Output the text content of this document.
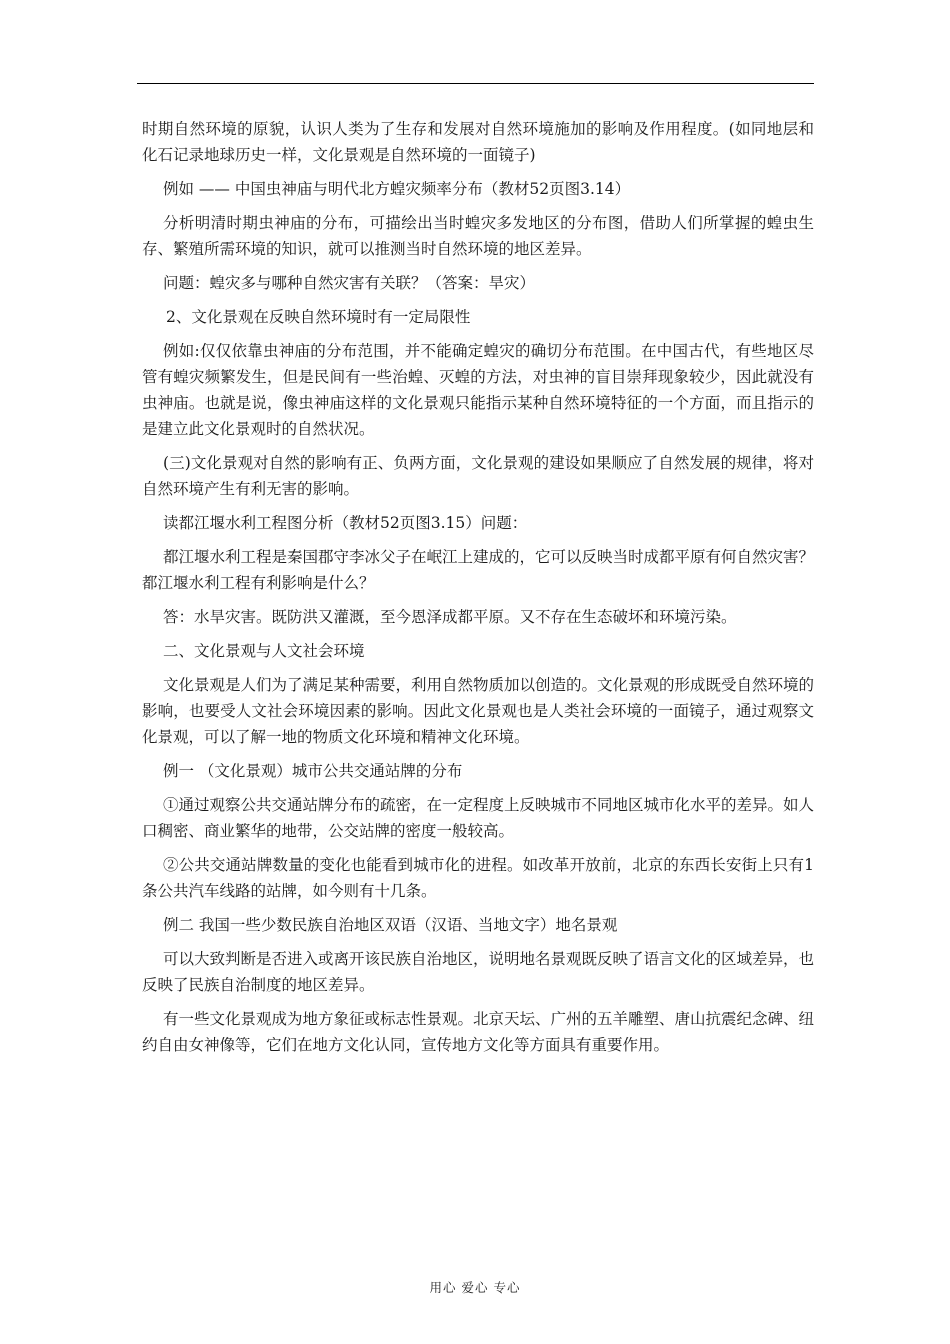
时期自然环境的原貌，认识人类为了生存和发展对自然环境施加的影响及作用程度。(如同地层和化石记录地球历史一样，文化景观是自然环境的一面镜子)

例如 —— 中国虫神庙与明代北方蝗灾频率分布（教材52页图3.14）

分析明清时期虫神庙的分布，可描绘出当时蝗灾多发地区的分布图，借助人们所掌握的蝗虫生存、繁殖所需环境的知识，就可以推测当时自然环境的地区差异。

问题：蝗灾多与哪种自然灾害有关联？（答案：旱灾）

2、文化景观在反映自然环境时有一定局限性

例如:仅仅依靠虫神庙的分布范围，并不能确定蝗灾的确切分布范围。在中国古代，有些地区尽管有蝗灾频繁发生，但是民间有一些治蝗、灭蝗的方法，对虫神的盲目崇拜现象较少，因此就没有虫神庙。也就是说，像虫神庙这样的文化景观只能指示某种自然环境特征的一个方面，而且指示的是建立此文化景观时的自然状况。

(三)文化景观对自然的影响有正、负两方面，文化景观的建设如果顺应了自然发展的规律，将对自然环境产生有利无害的影响。

读都江堰水利工程图分析（教材52页图3.15）问题：

都江堰水利工程是秦国郡守李冰父子在岷江上建成的，它可以反映当时成都平原有何自然灾害？都江堰水利工程有利影响是什么？

答：水旱灾害。既防洪又灌溉，至今恩泽成都平原。又不存在生态破坏和环境污染。

二、文化景观与人文社会环境

文化景观是人们为了满足某种需要，利用自然物质加以创造的。文化景观的形成既受自然环境的影响，也要受人文社会环境因素的影响。因此文化景观也是人类社会环境的一面镜子，通过观察文化景观，可以了解一地的物质文化环境和精神文化环境。

例一 （文化景观）城市公共交通站牌的分布

①通过观察公共交通站牌分布的疏密，在一定程度上反映城市不同地区城市化水平的差异。如人口稠密、商业繁华的地带，公交站牌的密度一般较高。

②公共交通站牌数量的变化也能看到城市化的进程。如改革开放前，北京的东西长安街上只有1条公共汽车线路的站牌，如今则有十几条。

例二 我国一些少数民族自治地区双语（汉语、当地文字）地名景观

可以大致判断是否进入或离开该民族自治地区，说明地名景观既反映了语言文化的区域差异，也反映了民族自治制度的地区差异。

有一些文化景观成为地方象征或标志性景观。北京天坛、广州的五羊雕塑、唐山抗震纪念碑、纽约自由女神像等，它们在地方文化认同，宣传地方文化等方面具有重要作用。

用心 爱心 专心
